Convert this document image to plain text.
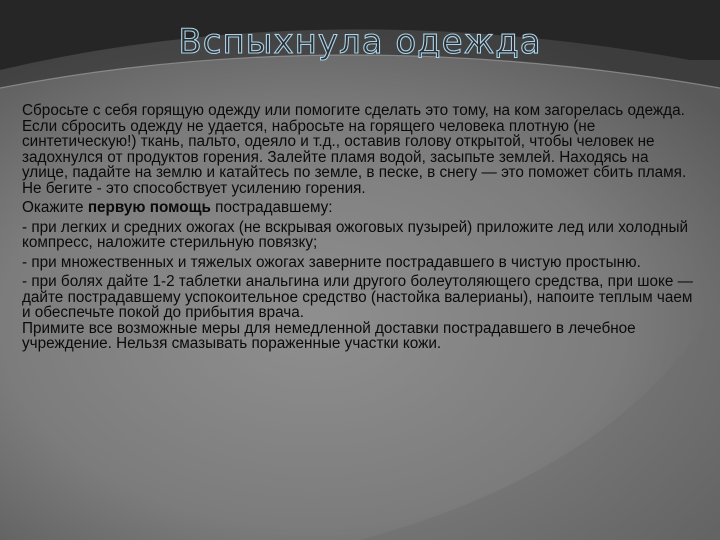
Вспыхнула одежда

Сбросьте с себя горящую одежду или помогите сделать это тому, на ком загорелась одежда.

Если сбросить одежду не удается, набросьте на горящего человека плотную (не синтетическую!) ткань, пальто, одеяло и т.д., оставив голову открытой, чтобы человек не задохнулся от продуктов горения. Залейте пламя водой, засыпьте землей. Находясь на улице, падайте на землю и катайтесь по земле, в песке, в снегу — это поможет сбить пламя. Не бегите - это способствует усилению горения.

Окажите первую помощь пострадавшему:

- при легких и средних ожогах (не вскрывая ожоговых пузырей) приложите лед или холодный компресс, наложите стерильную повязку;

- при множественных и тяжелых ожогах заверните пострадавшего в чистую простыню.

- при болях дайте 1-2 таблетки анальгина или другого болеутоляющего средства, при шоке — дайте пострадавшему успокоительное средство (настойка валерианы), напоите теплым чаем и обеспечьте покой до прибытия врача.

Примите все возможные меры для немедленной доставки пострадавшего в лечебное учреждение. Нельзя смазывать пораженные участки кожи.
